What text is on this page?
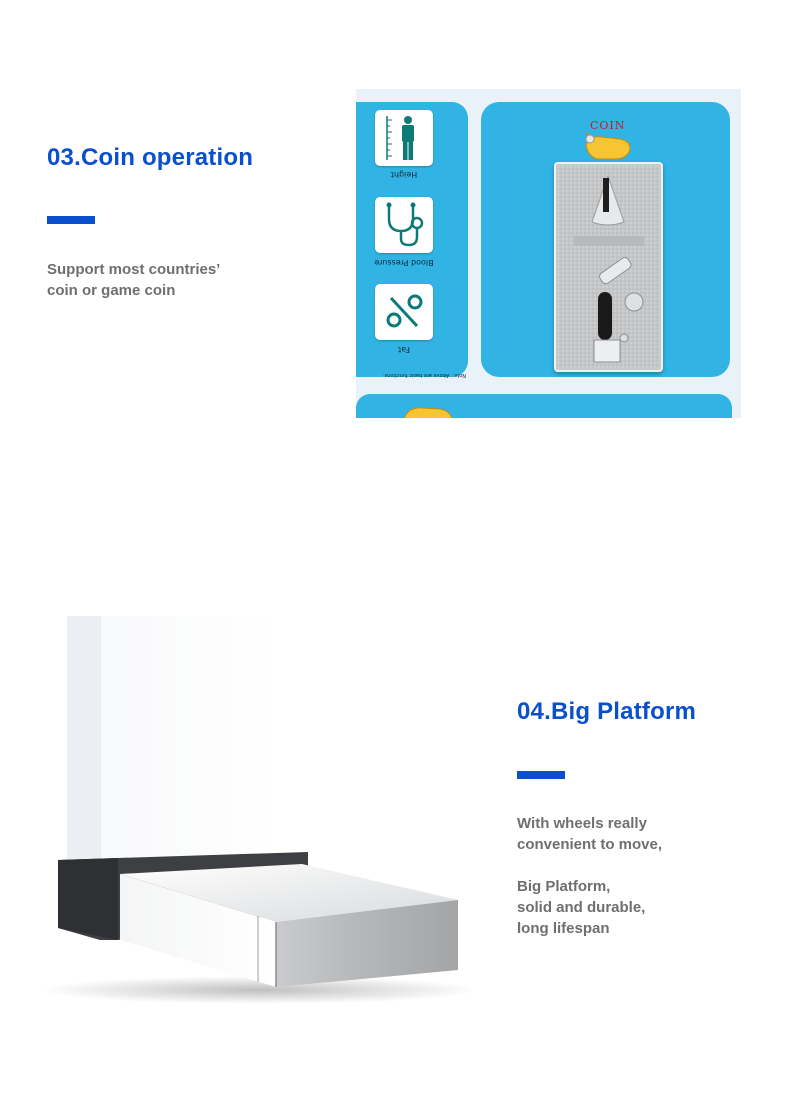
03.Coin operation

Support most countries’

coin or game coin

Height
Blood Pressure
Fat
Note：Above are basic functions.
COIN
04.Big Platform

With wheels really

convenient to move,

Big Platform,

solid and durable,

long lifespan
